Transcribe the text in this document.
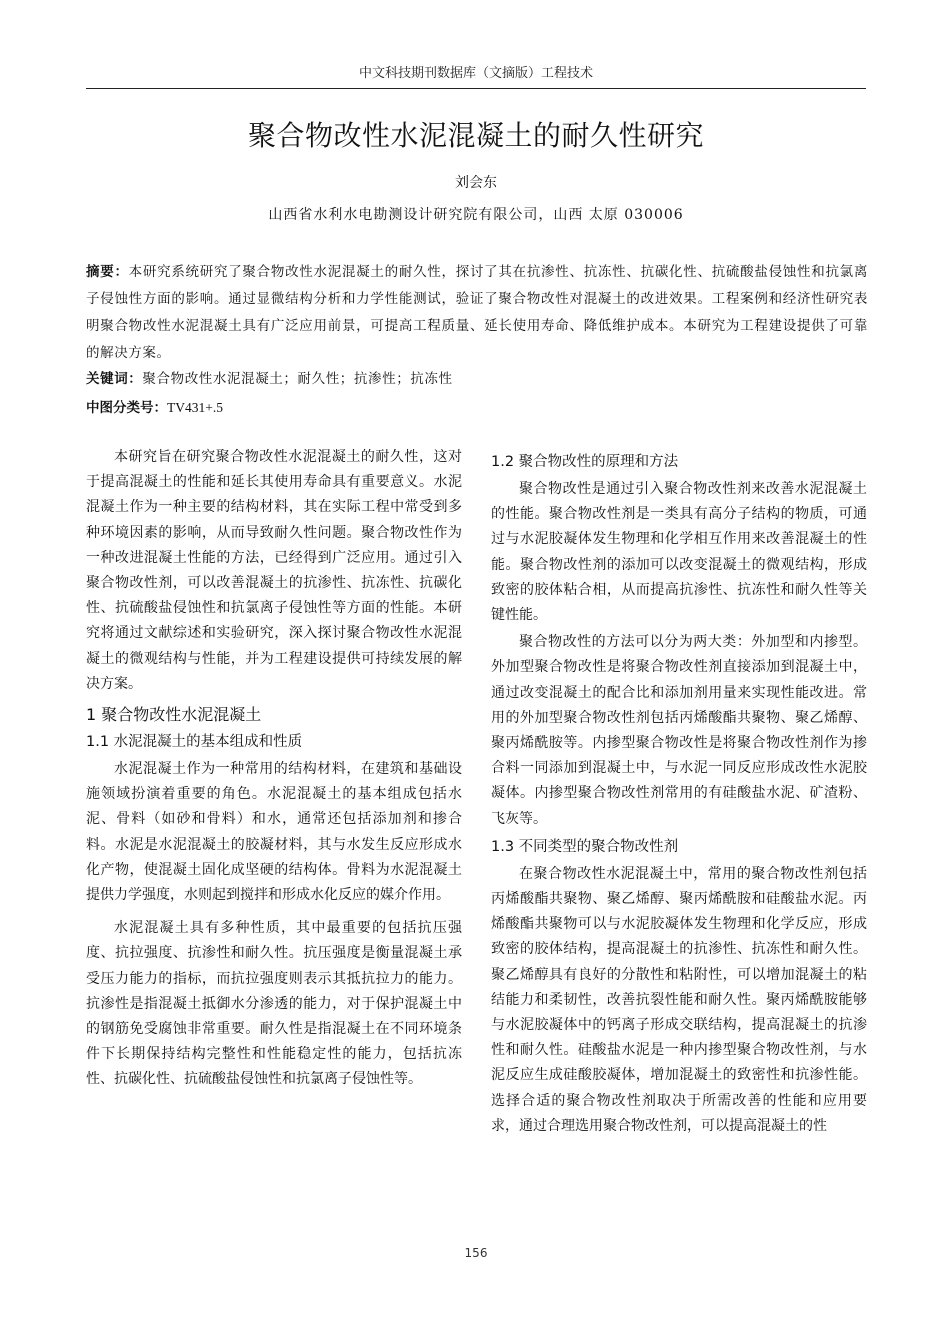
中文科技期刊数据库（文摘版）工程技术
聚合物改性水泥混凝土的耐久性研究
刘会东
山西省水利水电勘测设计研究院有限公司，山西 太原 030006
摘要：本研究系统研究了聚合物改性水泥混凝土的耐久性，探讨了其在抗渗性、抗冻性、抗碳化性、抗硫酸盐侵蚀性和抗氯离子侵蚀性方面的影响。通过显微结构分析和力学性能测试，验证了聚合物改性对混凝土的改进效果。工程案例和经济性研究表明聚合物改性水泥混凝土具有广泛应用前景，可提高工程质量、延长使用寿命、降低维护成本。本研究为工程建设提供了可靠的解决方案。
关键词：聚合物改性水泥混凝土；耐久性；抗渗性；抗冻性
中图分类号：TV431+.5

本研究旨在研究聚合物改性水泥混凝土的耐久性，这对于提高混凝土的性能和延长其使用寿命具有重要意义。水泥混凝土作为一种主要的结构材料，其在实际工程中常受到多种环境因素的影响，从而导致耐久性问题。聚合物改性作为一种改进混凝土性能的方法，已经得到广泛应用。通过引入聚合物改性剂，可以改善混凝土的抗渗性、抗冻性、抗碳化性、抗硫酸盐侵蚀性和抗氯离子侵蚀性等方面的性能。本研究将通过文献综述和实验研究，深入探讨聚合物改性水泥混凝土的微观结构与性能，并为工程建设提供可持续发展的解决方案。

1 聚合物改性水泥混凝土
1.1 水泥混凝土的基本组成和性质

水泥混凝土作为一种常用的结构材料，在建筑和基础设施领域扮演着重要的角色。水泥混凝土的基本组成包括水泥、骨料（如砂和骨料）和水，通常还包括添加剂和掺合料。水泥是水泥混凝土的胶凝材料，其与水发生反应形成水化产物，使混凝土固化成坚硬的结构体。骨料为水泥混凝土提供力学强度，水则起到搅拌和形成水化反应的媒介作用。

水泥混凝土具有多种性质，其中最重要的包括抗压强度、抗拉强度、抗渗性和耐久性。抗压强度是衡量混凝土承受压力能力的指标，而抗拉强度则表示其抵抗拉力的能力。抗渗性是指混凝土抵御水分渗透的能力，对于保护混凝土中的钢筋免受腐蚀非常重要。耐久性是指混凝土在不同环境条件下长期保持结构完整性和性能稳定性的能力，包括抗冻性、抗碳化性、抗硫酸盐侵蚀性和抗氯离子侵蚀性等。

1.2 聚合物改性的原理和方法

聚合物改性是通过引入聚合物改性剂来改善水泥混凝土的性能。聚合物改性剂是一类具有高分子结构的物质，可通过与水泥胶凝体发生物理和化学相互作用来改善混凝土的性能。聚合物改性剂的添加可以改变混凝土的微观结构，形成致密的胶体粘合相，从而提高抗渗性、抗冻性和耐久性等关键性能。

聚合物改性的方法可以分为两大类：外加型和内掺型。外加型聚合物改性是将聚合物改性剂直接添加到混凝土中，通过改变混凝土的配合比和添加剂用量来实现性能改进。常用的外加型聚合物改性剂包括丙烯酸酯共聚物、聚乙烯醇、聚丙烯酰胺等。内掺型聚合物改性是将聚合物改性剂作为掺合料一同添加到混凝土中，与水泥一同反应形成改性水泥胶凝体。内掺型聚合物改性剂常用的有硅酸盐水泥、矿渣粉、飞灰等。

1.3 不同类型的聚合物改性剂

在聚合物改性水泥混凝土中，常用的聚合物改性剂包括丙烯酸酯共聚物、聚乙烯醇、聚丙烯酰胺和硅酸盐水泥。丙烯酸酯共聚物可以与水泥胶凝体发生物理和化学反应，形成致密的胶体结构，提高混凝土的抗渗性、抗冻性和耐久性。聚乙烯醇具有良好的分散性和粘附性，可以增加混凝土的粘结能力和柔韧性，改善抗裂性能和耐久性。聚丙烯酰胺能够与水泥胶凝体中的钙离子形成交联结构，提高混凝土的抗渗性和耐久性。硅酸盐水泥是一种内掺型聚合物改性剂，与水泥反应生成硅酸胶凝体，增加混凝土的致密性和抗渗性能。选择合适的聚合物改性剂取决于所需改善的性能和应用要求，通过合理选用聚合物改性剂，可以提高混凝土的性

156
